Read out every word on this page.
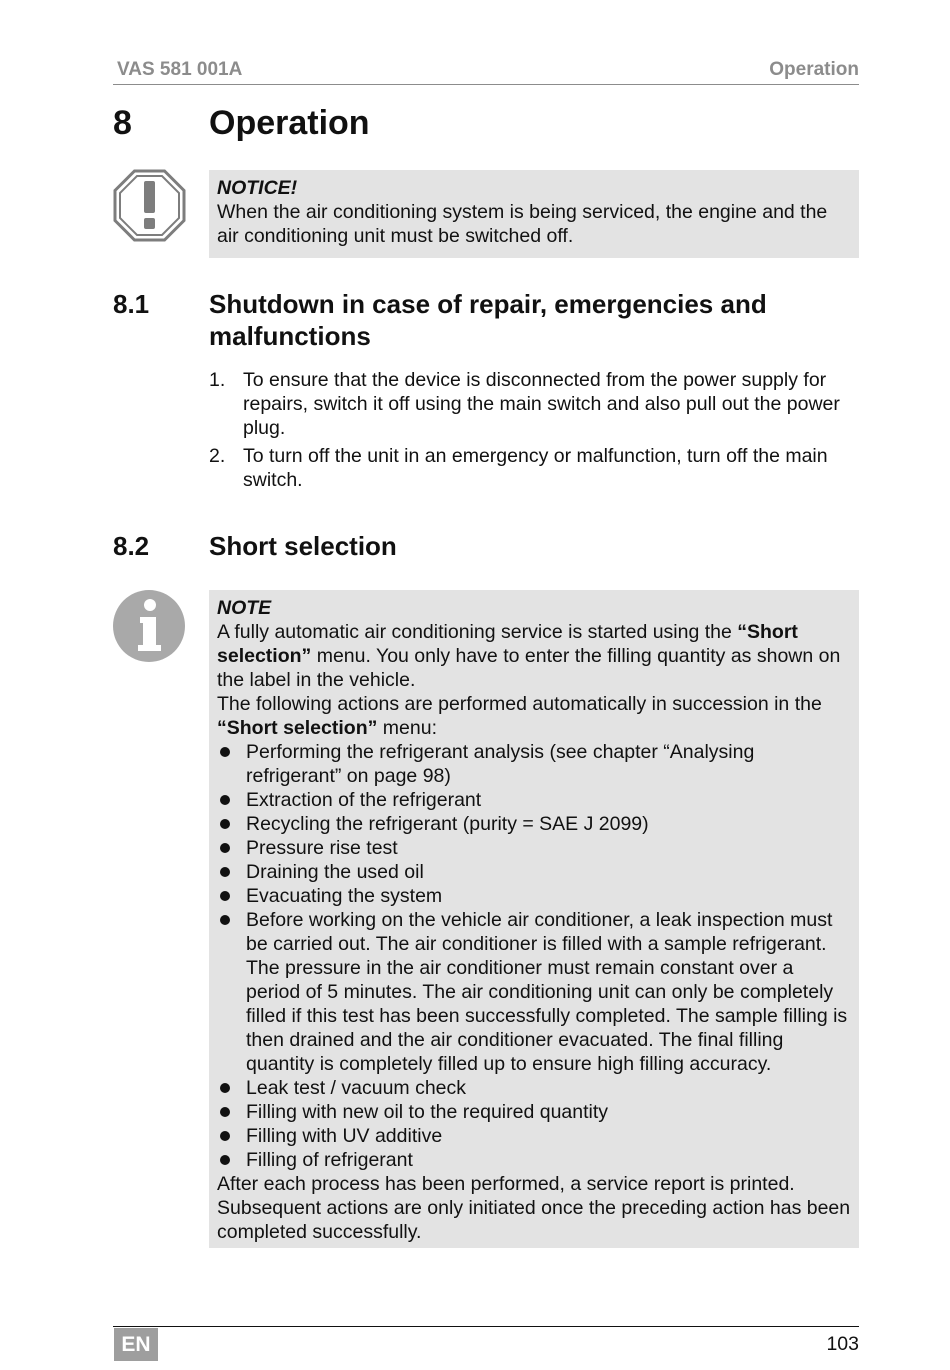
VAS 581 001A	Operation
8 Operation
NOTICE!

When the air conditioning system is being serviced, the engine and the air conditioning unit must be switched off.

8.1 Shutdown in case of repair, emergencies and malfunctions
1. To ensure that the device is disconnected from the power supply for repairs, switch it off using the main switch and also pull out the power plug.
2. To turn off the unit in an emergency or malfunction, turn off the main switch.
8.2 Short selection
NOTE

A fully automatic air conditioning service is started using the “Short selection” menu. You only have to enter the filling quantity as shown on the label in the vehicle.

The following actions are performed automatically in succession in the “Short selection” menu:

Performing the refrigerant analysis (see chapter “Analysing refrigerant” on page 98)
Extraction of the refrigerant
Recycling the refrigerant (purity = SAE J 2099)
Pressure rise test
Draining the used oil
Evacuating the system
Before working on the vehicle air conditioner, a leak inspection must be carried out. The air conditioner is filled with a sample refrigerant. The pressure in the air conditioner must remain constant over a period of 5 minutes. The air conditioning unit can only be completely filled if this test has been successfully completed. The sample filling is then drained and the air conditioner evacuated. The final filling quantity is completely filled up to ensure high filling accuracy.
Leak test / vacuum check
Filling with new oil to the required quantity
Filling with UV additive
Filling of refrigerant

After each process has been performed, a service report is printed. Subsequent actions are only initiated once the preceding action has been completed successfully.

EN	103
